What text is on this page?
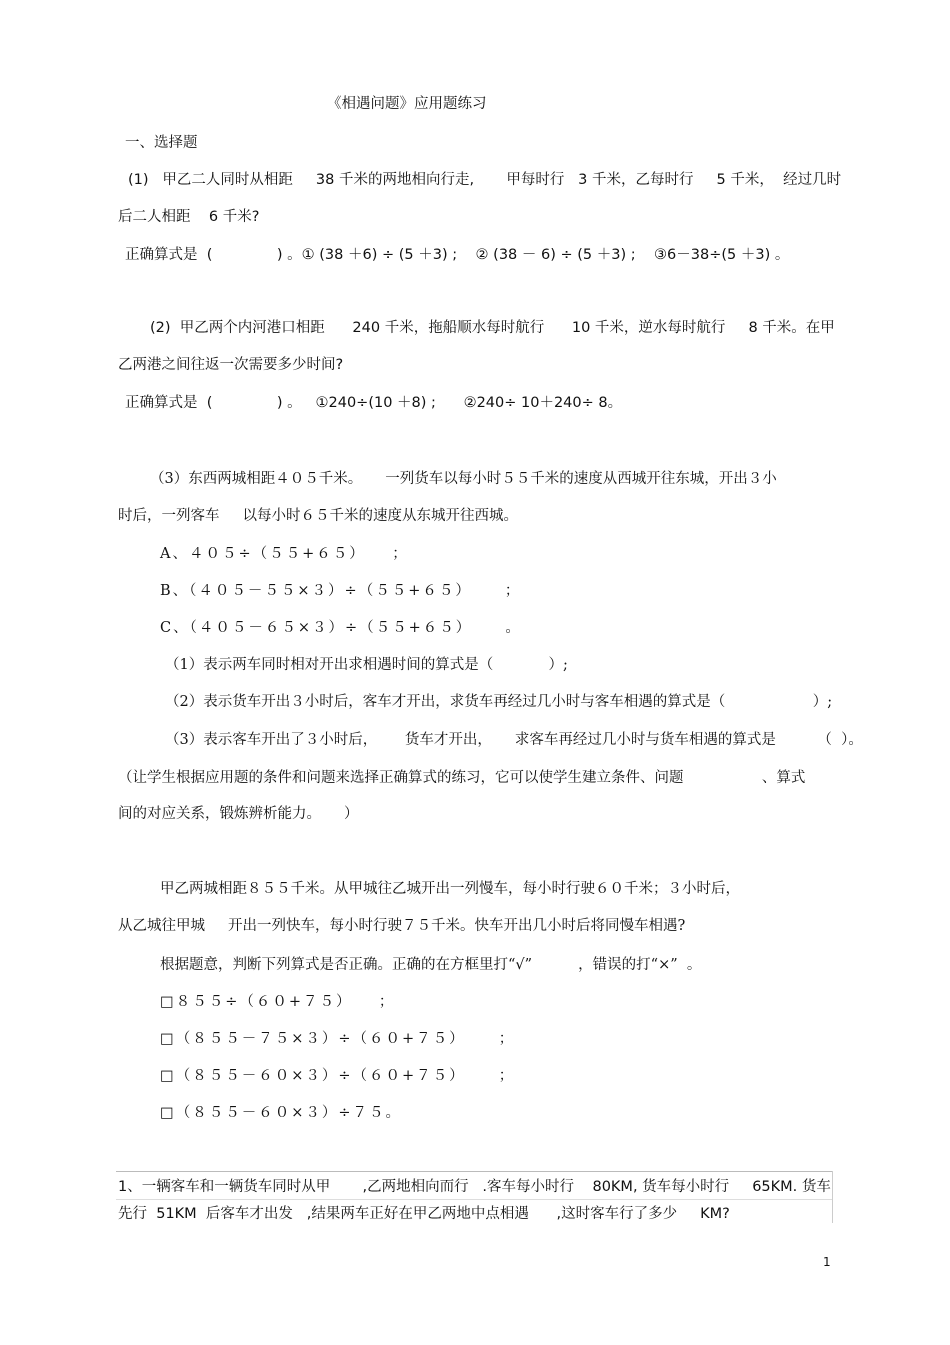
《相遇问题》应用题练习
一、选择题
(1)   甲乙二人同时从相距     38 千米的两地相向行走,       甲每时行   3 千米，乙每时行     5 千米，  经过几时
后二人相距    6 千米?
正确算式是  (              ) 。① (38 ＋6) ÷ (5 ＋3) ;    ② (38 － 6) ÷ (5 ＋3) ;    ③6－38÷(5 ＋3) 。
(2)  甲乙两个内河港口相距      240 千米，拖船顺水每时航行      10 千米，逆水每时航行     8 千米。在甲
乙两港之间往返一次需要多少时间?
正确算式是  (              ) 。   ①240÷(10 ＋8) ;      ②240÷ 10＋240÷ 8。
（3）东西两城相距４０５千米。     一列货车以每小时５５千米的速度从西城开往东城，开出３小
时后，一列客车     以每小时６５千米的速度从东城开往西城。
A、４０５÷（５５+６５）    ；
B、（４０５－５５×３）÷（５５+６５）     ；
C、（４０５－６５×３）÷（５５+６５）     。
（1）表示两车同时相对开出求相遇时间的算式是（            ）;
（2）表示货车开出３小时后，客车才开出，求货车再经过几小时与客车相遇的算式是（                   ）;
（3）表示客车开出了３小时后，      货车才开出，     求客车再经过几小时与货车相遇的算式是         （  ）。
（让学生根据应用题的条件和问题来选择正确算式的练习，它可以使学生建立条件、问题                 、算式
间的对应关系，锻炼辨析能力。     ）
甲乙两城相距８５５千米。从甲城往乙城开出一列慢车，每小时行驶６０千米；３小时后，
从乙城往甲城     开出一列快车，每小时行驶７５千米。快车开出几小时后将同慢车相遇?
根据题意，判断下列算式是否正确。正确的在方框里打“√”          ，错误的打“×”  。
□８５５÷（６０+７５）    ；
□（８５５－７５×３）÷（６０+７５）     ；
□（８５５－６０×３）÷（６０+７５）     ；
□（８５５－６０×３）÷７５。
1、一辆客车和一辆货车同时从甲       ,乙两地相向而行   .客车每小时行    80KM, 货车每小时行     65KM. 货车
先行  51KM  后客车才出发   ,结果两车正好在甲乙两地中点相遇      ,这时客车行了多少     KM?
1
